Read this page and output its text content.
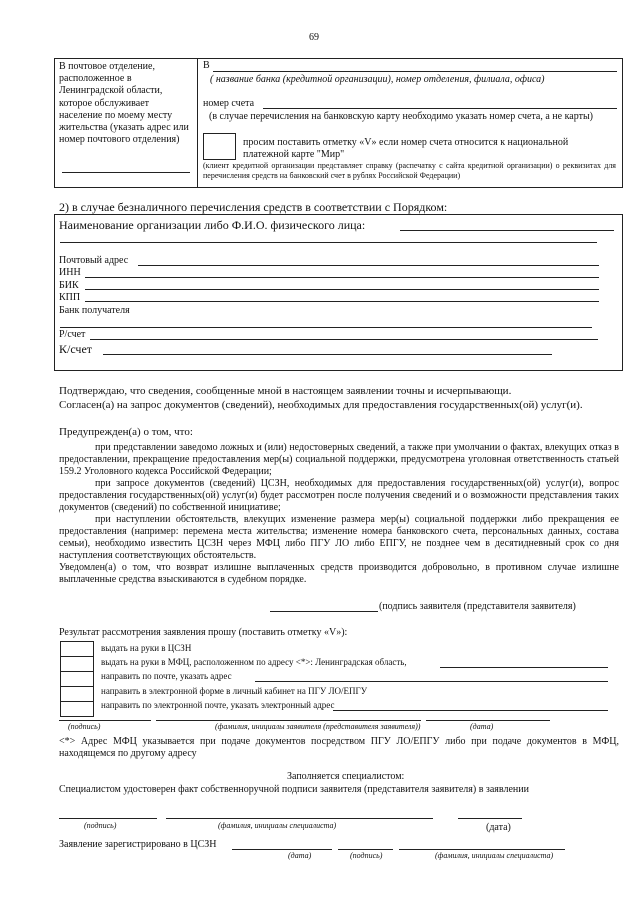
69
В почтовое отделение, расположенное в Ленинградской области, которое обслуживает население по моему месту жительства (указать адрес или номер почтового отделения)
В
( название банка (кредитной организации), номер отделения, филиала, офиса)
номер счета
(в случае перечисления на банковскую карту необходимо указать номер счета, а не карты)
просим поставить отметку «V» если номер счета относится к национальной
платежной карте "Мир"
(клиент кредитной организации представляет справку (распечатку с сайта кредитной организации) о реквизитах для перечисления средств на банковский счет в рублях Российской Федерации)
2) в случае безналичного перечисления средств в соответствии с Порядком:
Наименование организации либо Ф.И.О. физического лица:
Почтовый адрес
ИНН
БИК
КПП
Банк получателя
Р/счет
К/счет
Подтверждаю, что сведения, сообщенные мной в настоящем заявлении точны и исчерпывающи.
Согласен(а) на запрос документов (сведений), необходимых для предоставления государственных(ой) услуг(и).
Предупрежден(а) о том, что:
при представлении заведомо ложных и (или) недостоверных сведений, а также при умолчании о фактах, влекущих отказ в предоставлении, прекращение предоставления мер(ы) социальной поддержки, предусмотрена уголовная ответственность статьей 159.2 Уголовного кодекса Российской Федерации;
при запросе документов (сведений) ЦСЗН, необходимых для предоставления государственных(ой) услуг(и), вопрос предоставления государственных(ой) услуг(и) будет рассмотрен после получения сведений и о возможности представления таких документов (сведений) по собственной инициативе;
при наступлении обстоятельств, влекущих изменение размера мер(ы) социальной поддержки либо прекращения ее предоставления (например: перемена места жительства; изменение номера банковского счета, персональных данных, состава семьи), необходимо известить ЦСЗН через МФЦ либо ПГУ ЛО либо ЕПГУ, не позднее чем в десятидневный срок со дня наступления соответствующих обстоятельств.
Уведомлен(а) о том, что возврат излишне выплаченных средств производится добровольно, в противном случае излишне выплаченные средства взыскиваются в судебном порядке.
(подпись заявителя (представителя заявителя)
Результат рассмотрения заявления прошу (поставить отметку «V»):
выдать на руки в ЦСЗН
выдать на руки в МФЦ, расположенном по адресу <*>: Ленинградская область,
направить по почте, указать адрес
направить в электронной форме в личный кабинет на ПГУ ЛО/ЕПГУ
направить по электронной почте, указать электронный адрес
(подпись)	(фамилия, инициалы заявителя (представителя заявителя))	(дата)
<*> Адрес МФЦ указывается при подаче документов посредством ПГУ ЛО/ЕПГУ либо при подаче документов в МФЦ, находящемся по другому адресу
Заполняется специалистом:
Специалистом удостоверен факт собственноручной подписи заявителя (представителя заявителя) в заявлении
(подпись)	(фамилия, инициалы специалиста)	(дата)
Заявление зарегистрировано в ЦСЗН
(дата)	(подпись)	(фамилия, инициалы специалиста)
